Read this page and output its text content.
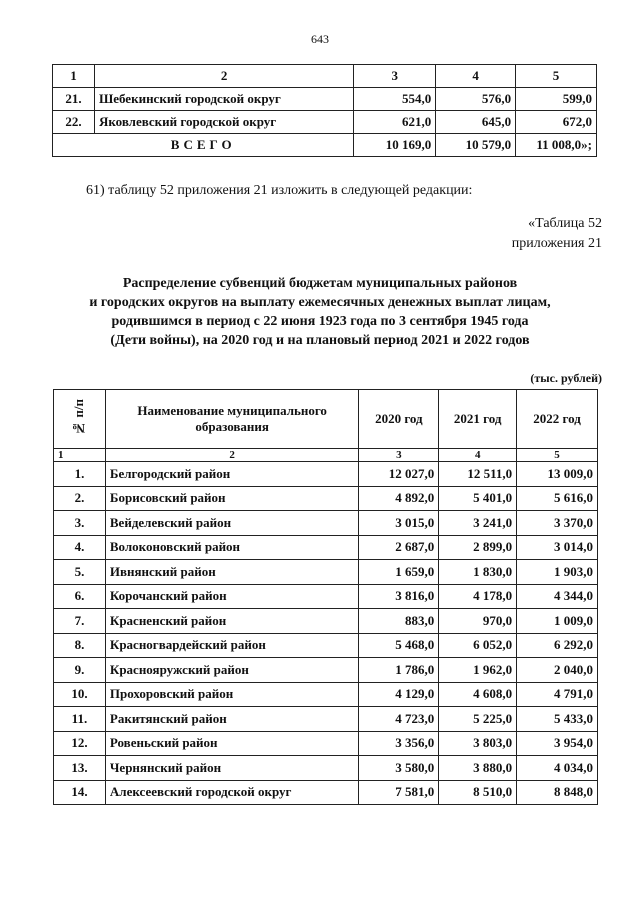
643
1	2	3	4	5
21.	Шебекинский городской округ	554,0	576,0	599,0
22.	Яковлевский городской округ	621,0	645,0	672,0
ВСЕГО		10 169,0	10 579,0	11 008,0»;
61) таблицу 52 приложения 21 изложить в следующей редакции:
«Таблица 52
приложения 21
Распределение субвенций бюджетам муниципальных районов
и городских округов на выплату ежемесячных денежных выплат лицам,
родившимся в период с 22 июня 1923 года по 3 сентября 1945 года
(Дети войны), на 2020 год и на плановый период 2021 и 2022 годов
(тыс. рублей)
№ п/п	Наименование муниципального образования	2020 год	2021 год	2022 год
1	2	3	4	5
1.	Белгородский район	12 027,0	12 511,0	13 009,0
2.	Борисовский район	4 892,0	5 401,0	5 616,0
3.	Вейделевский район	3 015,0	3 241,0	3 370,0
4.	Волоконовский район	2 687,0	2 899,0	3 014,0
5.	Ивнянский район	1 659,0	1 830,0	1 903,0
6.	Корочанский район	3 816,0	4 178,0	4 344,0
7.	Красненский район	883,0	970,0	1 009,0
8.	Красногвардейский район	5 468,0	6 052,0	6 292,0
9.	Краснояружский район	1 786,0	1 962,0	2 040,0
10.	Прохоровский район	4 129,0	4 608,0	4 791,0
11.	Ракитянский район	4 723,0	5 225,0	5 433,0
12.	Ровеньский район	3 356,0	3 803,0	3 954,0
13.	Чернянский район	3 580,0	3 880,0	4 034,0
14.	Алексеевский городской округ	7 581,0	8 510,0	8 848,0
